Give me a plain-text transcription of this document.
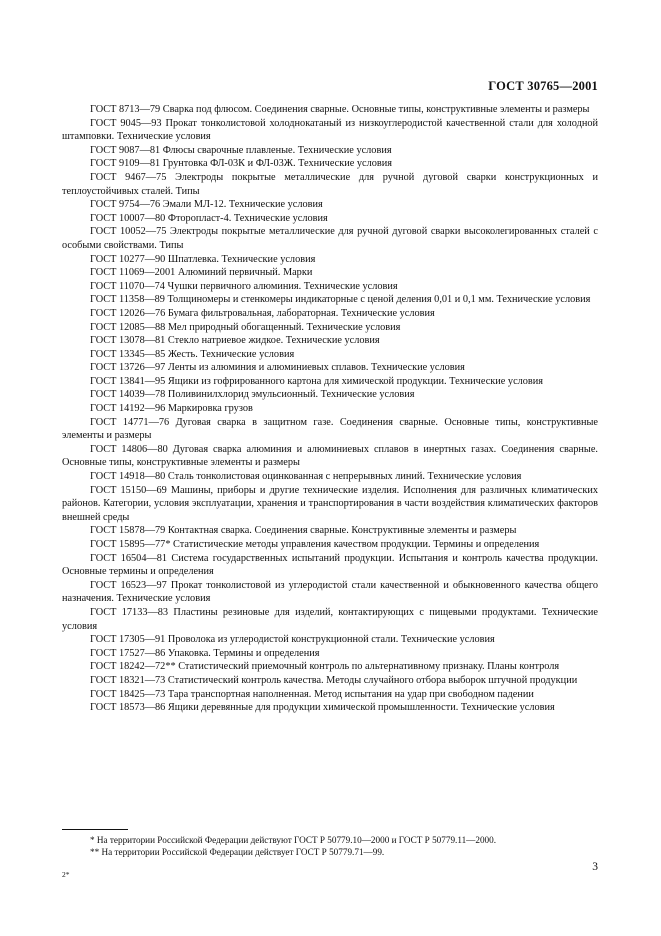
ГОСТ 30765—2001

ГОСТ 8713—79 Сварка под флюсом. Соединения сварные. Основные типы, конструктивные элементы и размеры

ГОСТ 9045—93 Прокат тонколистовой холоднокатаный из низкоуглеродистой качественной стали для холодной штамповки. Технические условия

ГОСТ 9087—81 Флюсы сварочные плавленые. Технические условия

ГОСТ 9109—81 Грунтовка ФЛ-03К и ФЛ-03Ж. Технические условия

ГОСТ 9467—75 Электроды покрытые металлические для ручной дуговой сварки конструкционных и теплоустойчивых сталей. Типы

ГОСТ 9754—76 Эмали МЛ-12. Технические условия

ГОСТ 10007—80 Фторопласт-4. Технические условия

ГОСТ 10052—75 Электроды покрытые металлические для ручной дуговой сварки высоколегированных сталей с особыми свойствами. Типы

ГОСТ 10277—90 Шпатлевка. Технические условия

ГОСТ 11069—2001 Алюминий первичный. Марки

ГОСТ 11070—74 Чушки первичного алюминия. Технические условия

ГОСТ 11358—89 Толщиномеры и стенкомеры индикаторные с ценой деления 0,01 и 0,1 мм. Технические условия

ГОСТ 12026—76 Бумага фильтровальная, лабораторная. Технические условия

ГОСТ 12085—88 Мел природный обогащенный. Технические условия

ГОСТ 13078—81 Стекло натриевое жидкое. Технические условия

ГОСТ 13345—85 Жесть. Технические условия

ГОСТ 13726—97 Ленты из алюминия и алюминиевых сплавов. Технические условия

ГОСТ 13841—95 Ящики из гофрированного картона для химической продукции. Технические условия

ГОСТ 14039—78 Поливинилхлорид эмульсионный. Технические условия

ГОСТ 14192—96 Маркировка грузов

ГОСТ 14771—76 Дуговая сварка в защитном газе. Соединения сварные. Основные типы, конструктивные элементы и размеры

ГОСТ 14806—80 Дуговая сварка алюминия и алюминиевых сплавов в инертных газах. Соединения сварные. Основные типы, конструктивные элементы и размеры

ГОСТ 14918—80 Сталь тонколистовая оцинкованная с непрерывных линий. Технические условия

ГОСТ 15150—69 Машины, приборы и другие технические изделия. Исполнения для различных климатических районов. Категории, условия эксплуатации, хранения и транспортирования в части воздействия климатических факторов внешней среды

ГОСТ 15878—79 Контактная сварка. Соединения сварные. Конструктивные элементы и размеры

ГОСТ 15895—77* Статистические методы управления качеством продукции. Термины и определения

ГОСТ 16504—81 Система государственных испытаний продукции. Испытания и контроль качества продукции. Основные термины и определения

ГОСТ 16523—97 Прокат тонколистовой из углеродистой стали качественной и обыкновенного качества общего назначения. Технические условия

ГОСТ 17133—83 Пластины резиновые для изделий, контактирующих с пищевыми продуктами. Технические условия

ГОСТ 17305—91 Проволока из углеродистой конструкционной стали. Технические условия

ГОСТ 17527—86 Упаковка. Термины и определения

ГОСТ 18242—72** Статистический приемочный контроль по альтернативному признаку. Планы контроля

ГОСТ 18321—73 Статистический контроль качества. Методы случайного отбора выборок штучной продукции

ГОСТ 18425—73 Тара транспортная наполненная. Метод испытания на удар при свободном падении

ГОСТ 18573—86 Ящики деревянные для продукции химической промышленности. Технические условия

* На территории Российской Федерации действуют ГОСТ Р 50779.10—2000 и ГОСТ Р 50779.11—2000.

** На территории Российской Федерации действует ГОСТ Р 50779.71—99.

2*
3
